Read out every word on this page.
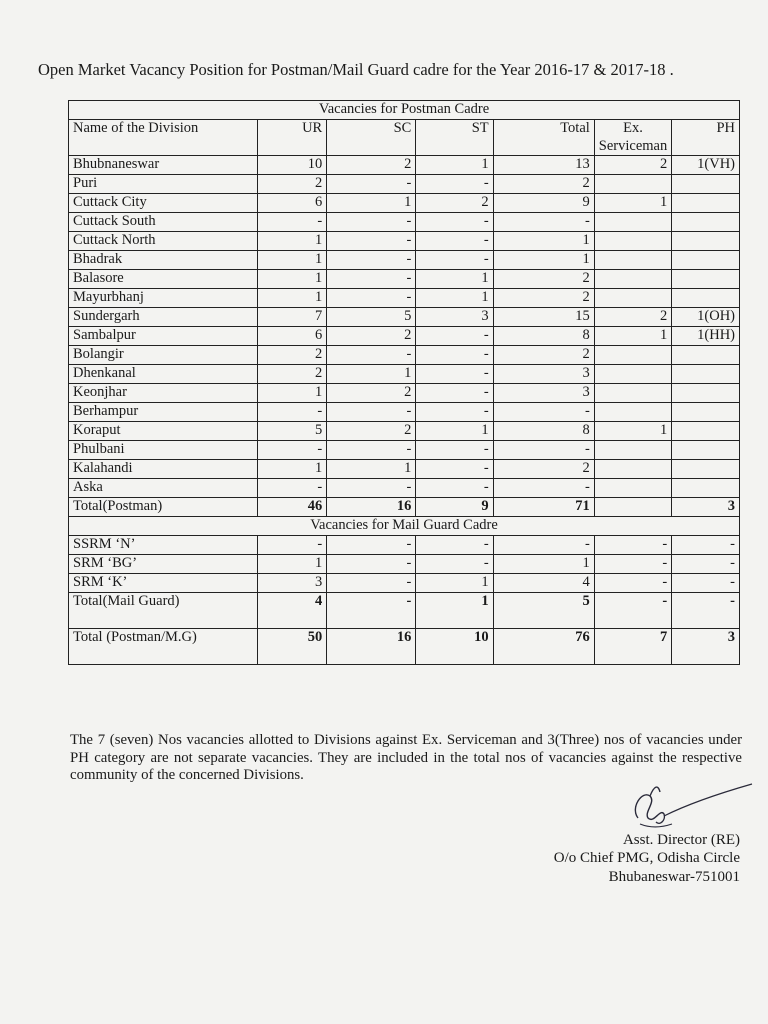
Open Market Vacancy Position for Postman/Mail Guard cadre for the Year 2016-17 & 2017-18 .
Vacancies for Postman Cadre						
Name of the Division	UR	SC	ST	Total	Ex. Serviceman	PH
Bhubnaneswar	10	2	1	13	2	1(VH)
Puri	2	-	-	2		
Cuttack City	6	1	2	9	1	
Cuttack South	-	-	-	-		
Cuttack North	1	-	-	1		
Bhadrak	1	-	-	1		
Balasore	1	-	1	2		
Mayurbhanj	1	-	1	2		
Sundergarh	7	5	3	15	2	1(OH)
Sambalpur	6	2	-	8	1	1(HH)
Bolangir	2	-	-	2		
Dhenkanal	2	1	-	3		
Keonjhar	1	2	-	3		
Berhampur	-	-	-	-		
Koraput	5	2	1	8	1	
Phulbani	-	-	-	-		
Kalahandi	1	1	-	2		
Aska	-	-	-	-		
Total(Postman)	46	16	9	71		3
Vacancies for Mail Guard Cadre						
SSRM ‘N’	-	-	-	-	-	-
SRM ‘BG’	1	-	-	1	-	-
SRM ‘K’	3	-	1	4	-	-
Total(Mail Guard)	4	-	1	5	-	-
Total (Postman/M.G)	50	16	10	76	7	3
The 7 (seven) Nos vacancies allotted to Divisions against Ex. Serviceman and 3(Three) nos of vacancies under PH category are not separate vacancies. They are included in the total nos of vacancies against the respective community of the concerned Divisions.
Asst. Director (RE)
O/o Chief PMG, Odisha Circle
Bhubaneswar-751001
